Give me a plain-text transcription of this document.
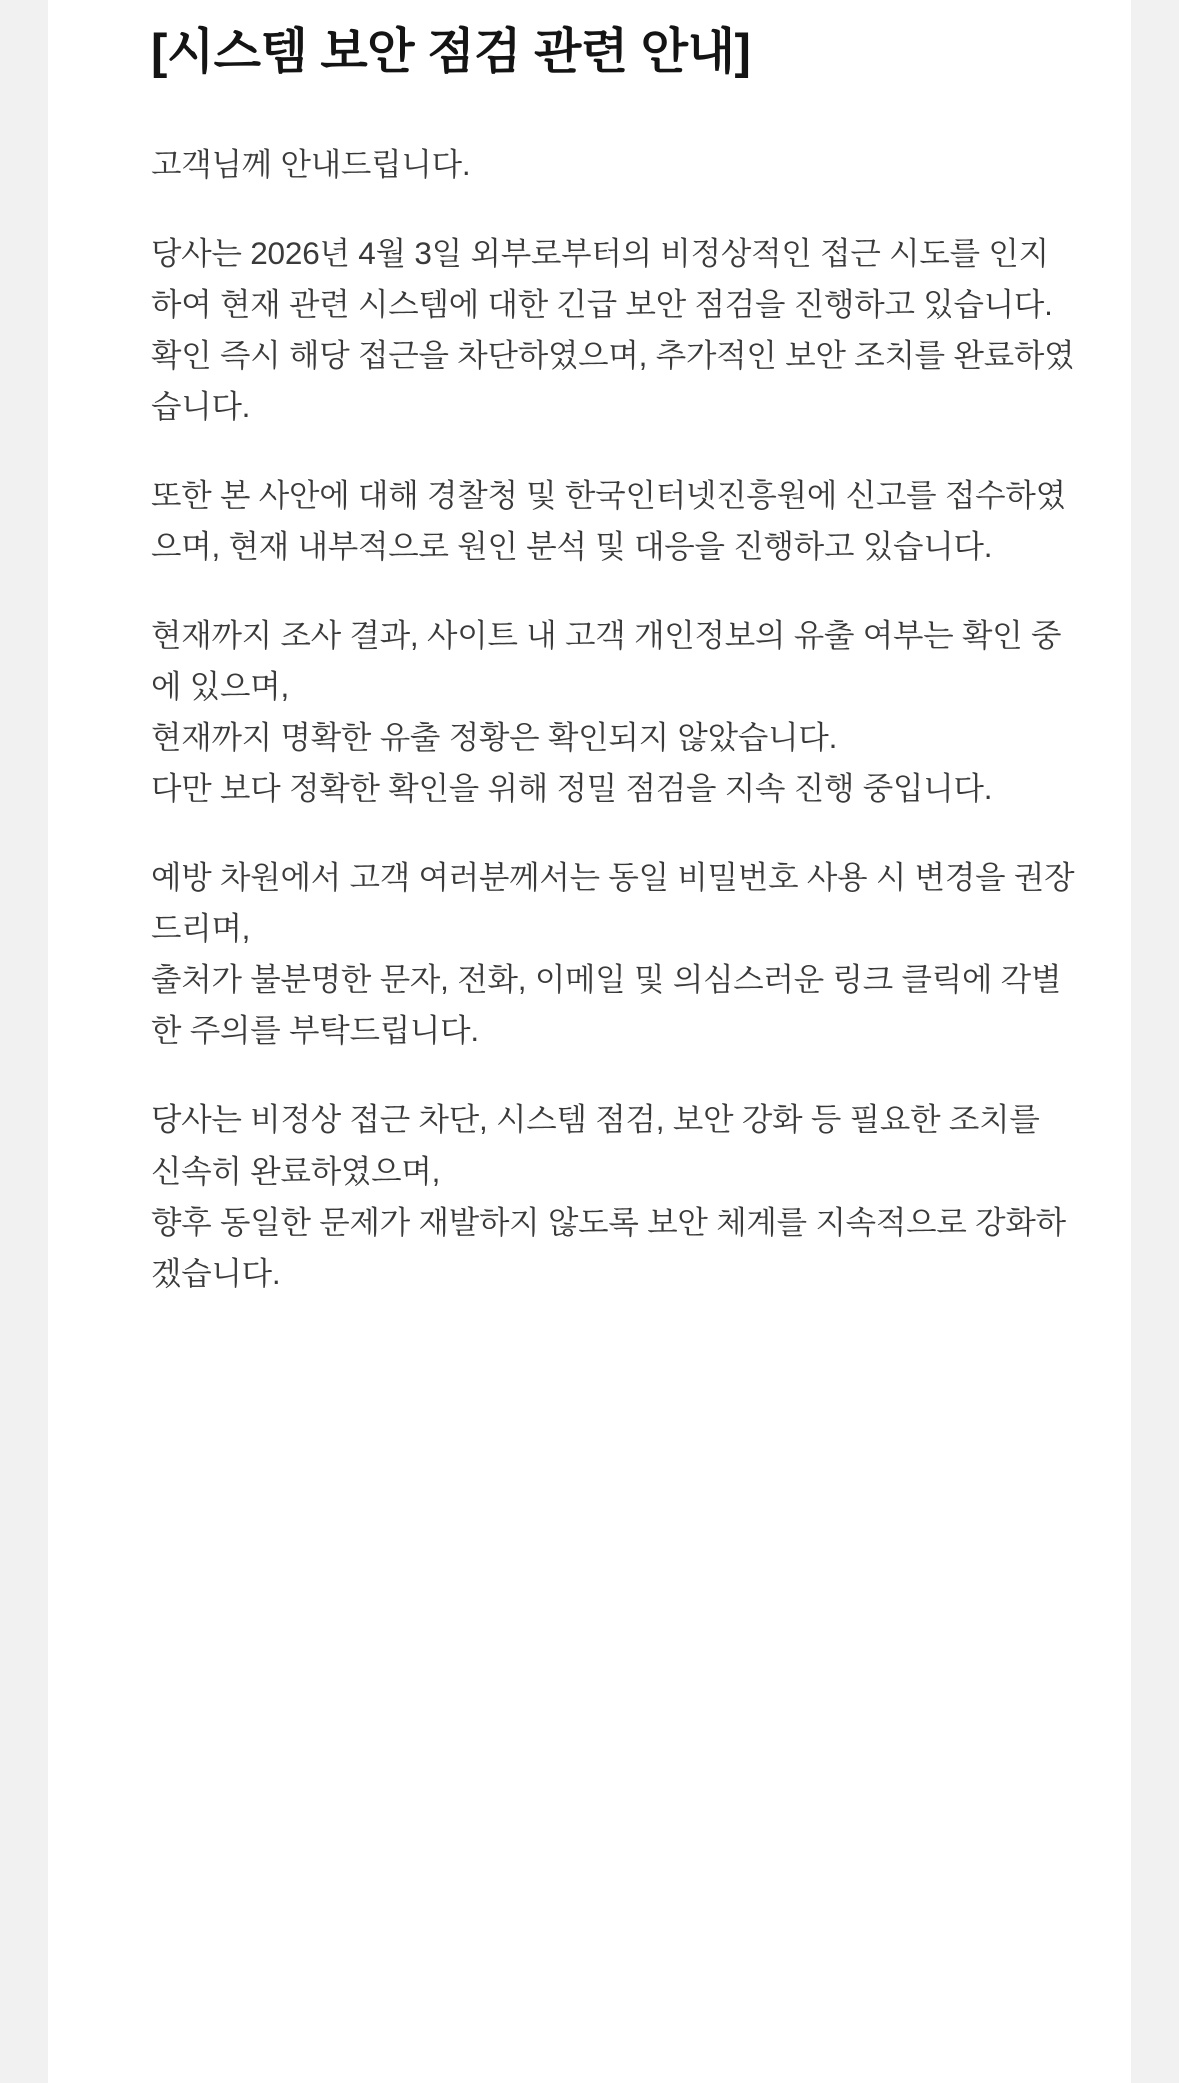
[시스템 보안 점검 관련 안내]

고객님께 안내드립니다.

당사는 2026년 4월 3일 외부로부터의 비정상적인 접근 시도를 인지하여 현재 관련 시스템에 대한 긴급 보안 점검을 진행하고 있습니다.
확인 즉시 해당 접근을 차단하였으며, 추가적인 보안 조치를 완료하였습니다.

또한 본 사안에 대해 경찰청 및 한국인터넷진흥원에 신고를 접수하였으며, 현재 내부적으로 원인 분석 및 대응을 진행하고 있습니다.

현재까지 조사 결과, 사이트 내 고객 개인정보의 유출 여부는 확인 중에 있으며,
현재까지 명확한 유출 정황은 확인되지 않았습니다.
다만 보다 정확한 확인을 위해 정밀 점검을 지속 진행 중입니다.

예방 차원에서 고객 여러분께서는 동일 비밀번호 사용 시 변경을 권장드리며,
출처가 불분명한 문자, 전화, 이메일 및 의심스러운 링크 클릭에 각별한 주의를 부탁드립니다.

당사는 비정상 접근 차단, 시스템 점검, 보안 강화 등 필요한 조치를 신속히 완료하였으며,
향후 동일한 문제가 재발하지 않도록 보안 체계를 지속적으로 강화하겠습니다.
